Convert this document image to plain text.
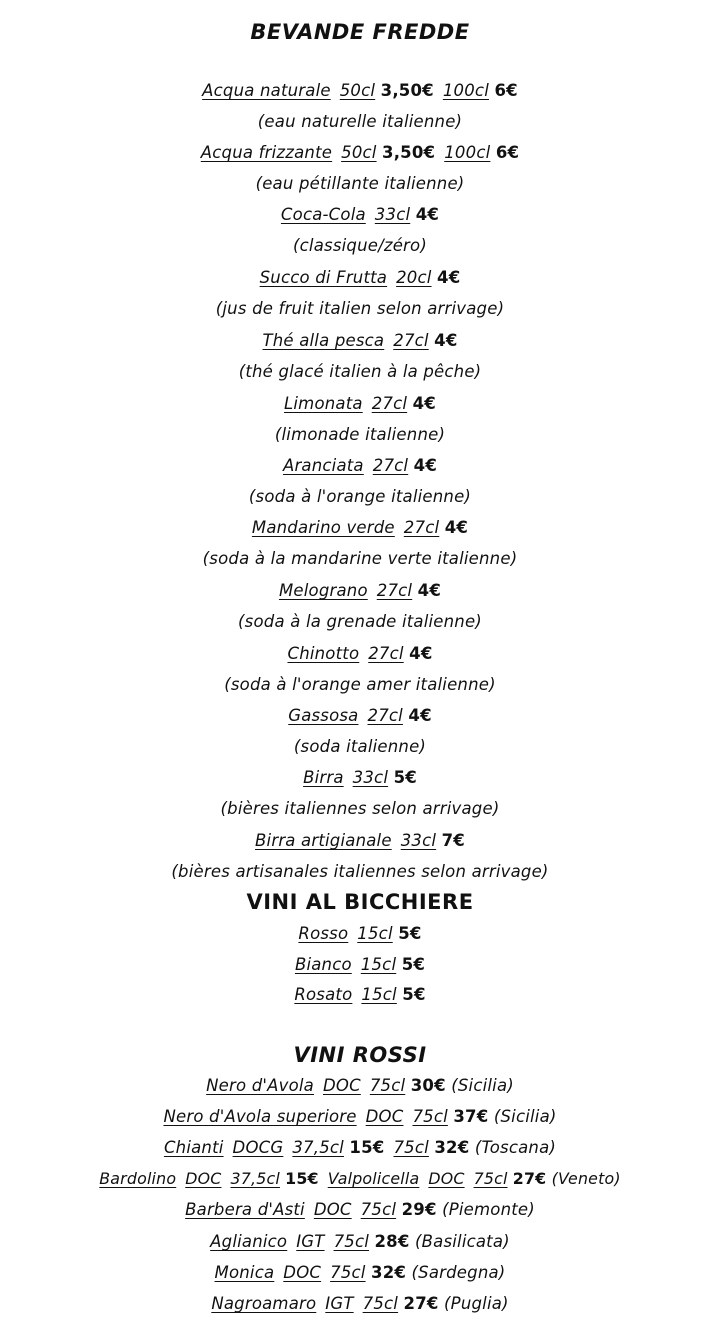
BEVANDE FREDDE
Acqua naturale 50cl 3,50€ 100cl 6€
(eau naturelle italienne)
Acqua frizzante 50cl 3,50€ 100cl 6€
(eau pétillante italienne)
Coca-Cola 33cl 4€
(classique/zéro)
Succo di Frutta 20cl 4€
(jus de fruit italien selon arrivage)
Thé alla pesca 27cl 4€
(thé glacé italien à la pêche)
Limonata 27cl 4€
(limonade italienne)
Aranciata 27cl 4€
(soda à l'orange italienne)
Mandarino verde 27cl 4€
(soda à la mandarine verte italienne)
Melograno 27cl 4€
(soda à la grenade italienne)
Chinotto 27cl 4€
(soda à l'orange amer italienne)
Gassosa 27cl 4€
(soda italienne)
Birra 33cl 5€
(bières italiennes selon arrivage)
Birra artigianale 33cl 7€
(bières artisanales italiennes selon arrivage)
VINI AL BICCHIERE
Rosso 15cl 5€
Bianco 15cl 5€
Rosato 15cl 5€
VINI ROSSI
Nero d'Avola DOC 75cl 30€ (Sicilia)
Nero d'Avola superiore DOC 75cl 37€ (Sicilia)
Chianti DOCG 37,5cl 15€ 75cl 32€ (Toscana)
Bardolino DOC 37,5cl 15€ Valpolicella DOC 75cl 27€ (Veneto)
Barbera d'Asti DOC 75cl 29€ (Piemonte)
Aglianico IGT 75cl 28€ (Basilicata)
Monica DOC 75cl 32€ (Sardegna)
Nagroamaro IGT 75cl 27€ (Puglia)
